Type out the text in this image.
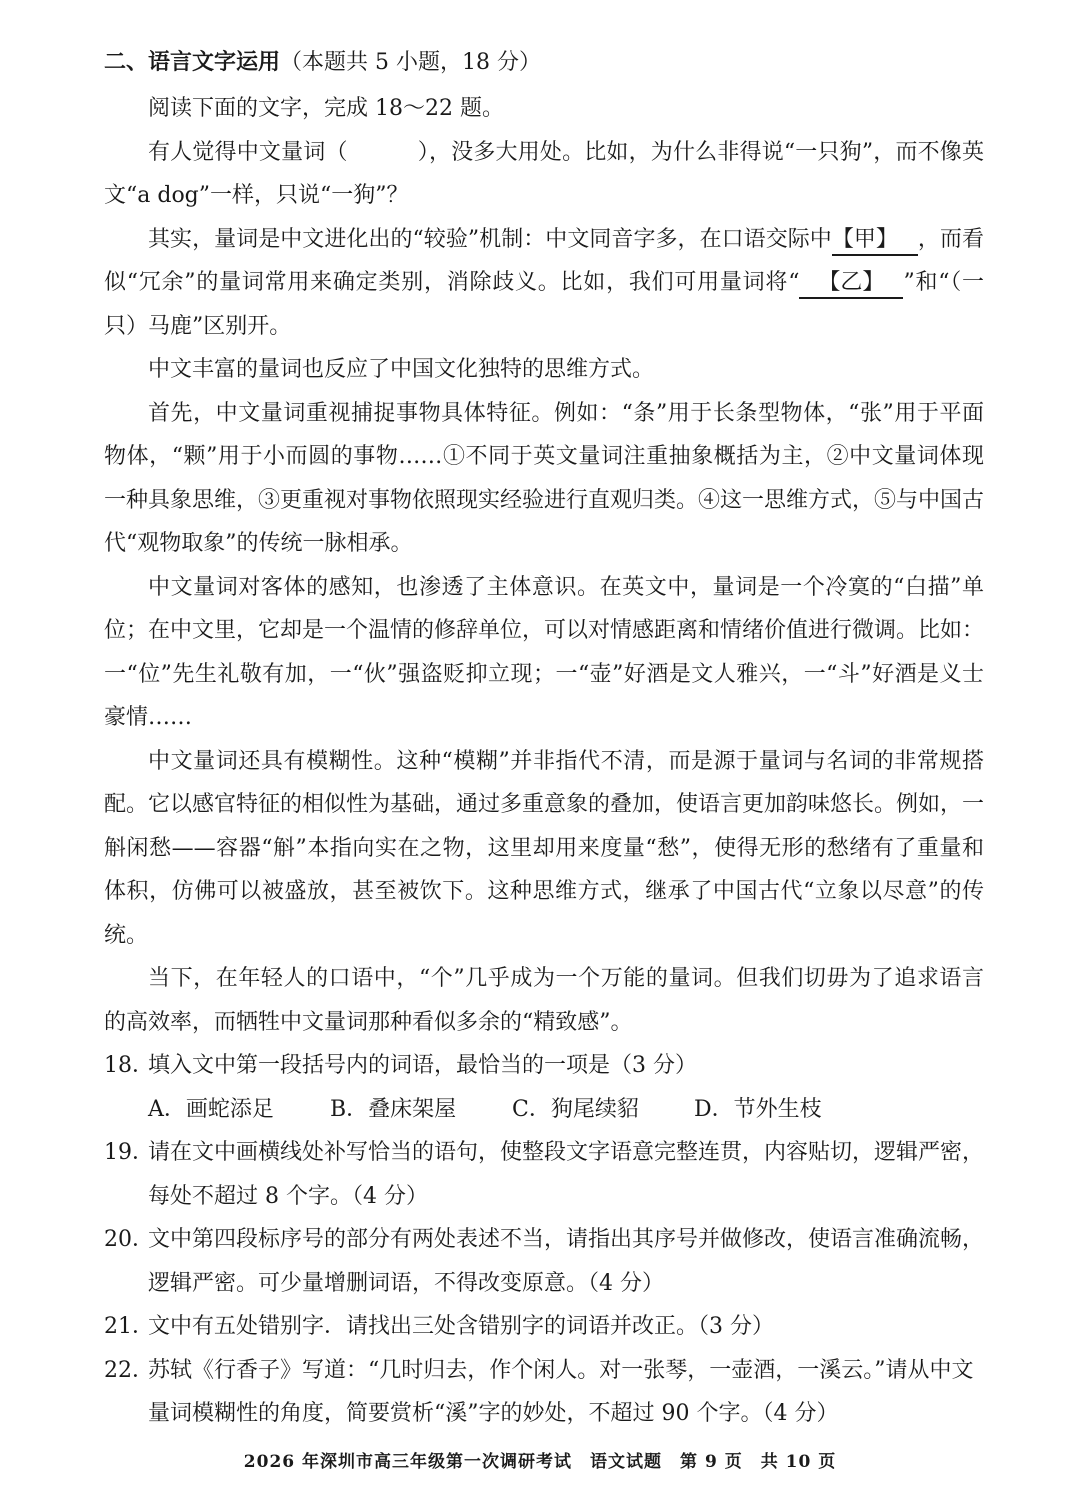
二、语言文字运用（本题共 5 小题，18 分）

阅读下面的文字，完成 18～22 题。

有人觉得中文量词（	），没多大用处。比如，为什么非得说“一只狗”，而不像英文“a dog”一样，只说“一狗”？

其实，量词是中文进化出的“较验”机制：中文同音字多，在口语交际中【甲】 ，而看似“冗余”的量词常用来确定类别，消除歧义。比如，我们可用量词将“ 【乙】 ”和“（一只）马鹿”区别开。

中文丰富的量词也反应了中国文化独特的思维方式。

首先，中文量词重视捕捉事物具体特征。例如：“条”用于长条型物体，“张”用于平面物体，“颗”用于小而圆的事物……①不同于英文量词注重抽象概括为主，②中文量词体现一种具象思维，③更重视对事物依照现实经验进行直观归类。④这一思维方式，⑤与中国古代“观物取象”的传统一脉相承。

中文量词对客体的感知，也渗透了主体意识。在英文中，量词是一个冷寞的“白描”单位；在中文里，它却是一个温情的修辞单位，可以对情感距离和情绪价值进行微调。比如：一“位”先生礼敬有加，一“伙”强盗贬抑立现；一“壶”好酒是文人雅兴，一“斗”好酒是义士豪情……

中文量词还具有模糊性。这种“模糊”并非指代不清，而是源于量词与名词的非常规搭配。它以感官特征的相似性为基础，通过多重意象的叠加，使语言更加韵味悠长。例如，一斛闲愁——容器“斛”本指向实在之物，这里却用来度量“愁”，使得无形的愁绪有了重量和体积，仿佛可以被盛放，甚至被饮下。这种思维方式，继承了中国古代“立象以尽意”的传统。

当下，在年轻人的口语中，“个”几乎成为一个万能的量词。但我们切毋为了追求语言的高效率，而牺牲中文量词那种看似多余的“精致感”。

18．填入文中第一段括号内的词语，最恰当的一项是（3 分）

A．画蛇添足	B．叠床架屋	C．狗尾续貂	D．节外生枝

19．请在文中画横线处补写恰当的语句，使整段文字语意完整连贯，内容贴切，逻辑严密，每处不超过 8 个字。（4 分）

20．文中第四段标序号的部分有两处表述不当，请指出其序号并做修改，使语言准确流畅，逻辑严密。可少量增删词语，不得改变原意。（4 分）

21．文中有五处错别字．请找出三处含错别字的词语并改正。（3 分）

22．苏轼《行香子》写道：“几时归去，作个闲人。对一张琴，一壶酒，一溪云。”请从中文量词模糊性的角度，简要赏析“溪”字的妙处，不超过 90 个字。（4 分）

2026 年深圳市高三年级第一次调研考试　语文试题　第 9 页　共 10 页
